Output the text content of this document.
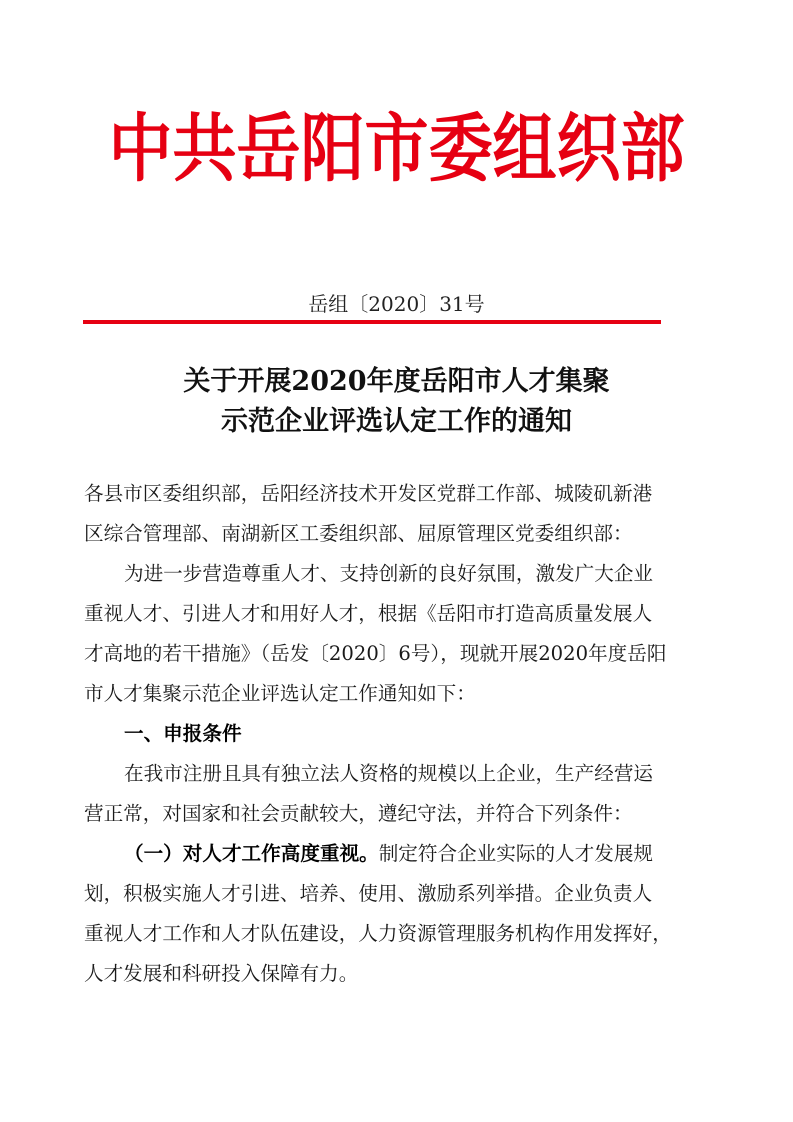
中共岳阳市委组织部
岳组〔2020〕31号
关于开展2020年度岳阳市人才集聚
示范企业评选认定工作的通知
各县市区委组织部，岳阳经济技术开发区党群工作部、城陵矶新港
区综合管理部、南湖新区工委组织部、屈原管理区党委组织部：
为进一步营造尊重人才、支持创新的良好氛围，激发广大企业
重视人才、引进人才和用好人才，根据《岳阳市打造高质量发展人
才高地的若干措施》（岳发〔2020〕6号），现就开展2020年度岳阳
市人才集聚示范企业评选认定工作通知如下：
一、申报条件
在我市注册且具有独立法人资格的规模以上企业，生产经营运
营正常，对国家和社会贡献较大，遵纪守法，并符合下列条件：
（一）对人才工作高度重视。制定符合企业实际的人才发展规
划，积极实施人才引进、培养、使用、激励系列举措。企业负责人
重视人才工作和人才队伍建设，人力资源管理服务机构作用发挥好，
人才发展和科研投入保障有力。
